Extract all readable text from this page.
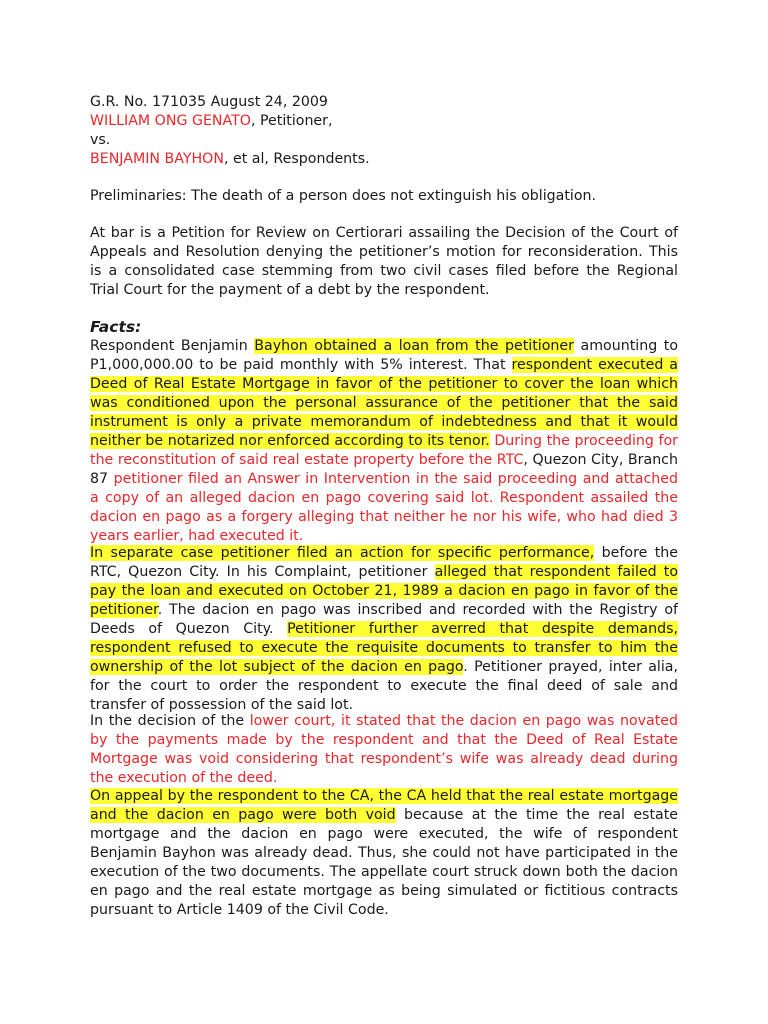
G.R. No. 171035 August 24, 2009
WILLIAM ONG GENATO, Petitioner,
vs.
BENJAMIN BAYHON, et al, Respondents.
Preliminaries: The death of a person does not extinguish his obligation.
At bar is a Petition for Review on Certiorari assailing the Decision of the Court of Appeals and Resolution denying the petitioner’s motion for reconsideration. This is a consolidated case stemming from two civil cases filed before the Regional Trial Court for the payment of a debt by the respondent.
Facts:
Respondent Benjamin Bayhon obtained a loan from the petitioner amounting to P1,000,000.00 to be paid monthly with 5% interest. That respondent executed a Deed of Real Estate Mortgage in favor of the petitioner to cover the loan which was conditioned upon the personal assurance of the petitioner that the said instrument is only a private memorandum of indebtedness and that it would neither be notarized nor enforced according to its tenor. During the proceeding for the reconstitution of said real estate property before the RTC, Quezon City, Branch 87 petitioner filed an Answer in Intervention in the said proceeding and attached a copy of an alleged dacion en pago covering said lot. Respondent assailed the dacion en pago as a forgery alleging that neither he nor his wife, who had died 3 years earlier, had executed it.
In separate case petitioner filed an action for specific performance, before the RTC, Quezon City. In his Complaint, petitioner alleged that respondent failed to pay the loan and executed on October 21, 1989 a dacion en pago in favor of the petitioner. The dacion en pago was inscribed and recorded with the Registry of Deeds of Quezon City. Petitioner further averred that despite demands, respondent refused to execute the requisite documents to transfer to him the ownership of the lot subject of the dacion en pago. Petitioner prayed, inter alia, for the court to order the respondent to execute the final deed of sale and transfer of possession of the said lot.
In the decision of the lower court, it stated that the dacion en pago was novated by the payments made by the respondent and that the Deed of Real Estate Mortgage was void considering that respondent’s wife was already dead during the execution of the deed.
On appeal by the respondent to the CA, the CA held that the real estate mortgage and the dacion en pago were both void because at the time the real estate mortgage and the dacion en pago were executed, the wife of respondent Benjamin Bayhon was already dead. Thus, she could not have participated in the execution of the two documents. The appellate court struck down both the dacion en pago and the real estate mortgage as being simulated or fictitious contracts pursuant to Article 1409 of the Civil Code.
